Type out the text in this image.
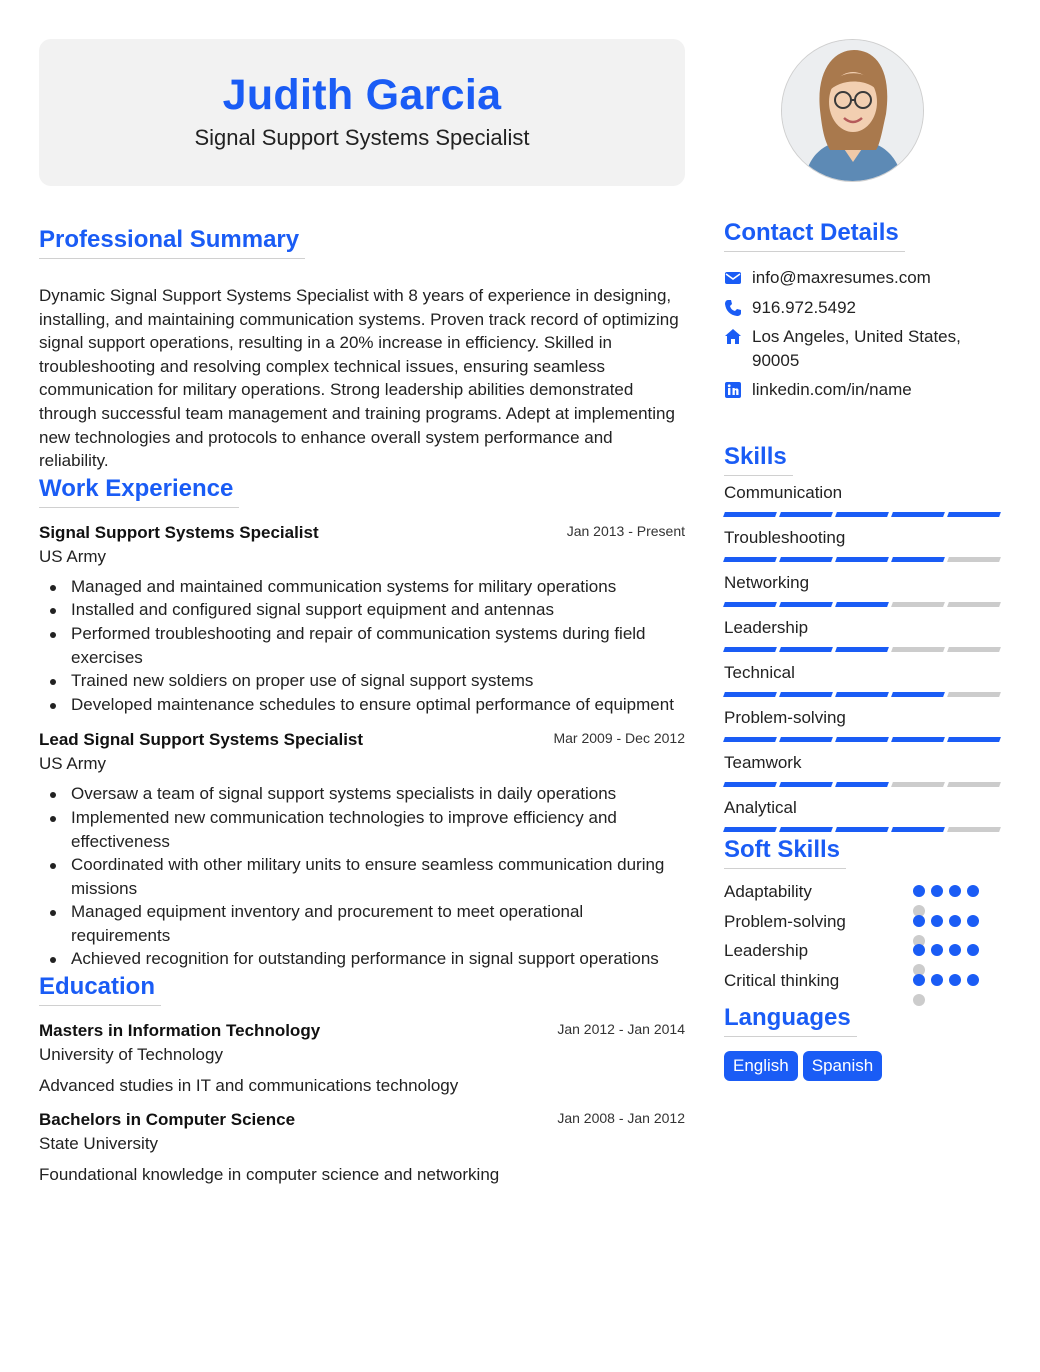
Judith Garcia
Signal Support Systems Specialist
Professional Summary

Dynamic Signal Support Systems Specialist with 8 years of experience in designing, installing, and maintaining communication systems. Proven track record of optimizing signal support operations, resulting in a 20% increase in efficiency. Skilled in troubleshooting and resolving complex technical issues, ensuring seamless communication for military operations. Strong leadership abilities demonstrated through successful team management and training programs. Adept at implementing new technologies and protocols to enhance overall system performance and reliability.

Work Experience
Signal Support Systems Specialist	Jan 2013 - Present
US Army
Managed and maintained communication systems for military operations
Installed and configured signal support equipment and antennas
Performed troubleshooting and repair of communication systems during field exercises
Trained new soldiers on proper use of signal support systems
Developed maintenance schedules to ensure optimal performance of equipment
Lead Signal Support Systems Specialist	Mar 2009 - Dec 2012
US Army
Oversaw a team of signal support systems specialists in daily operations
Implemented new communication technologies to improve efficiency and effectiveness
Coordinated with other military units to ensure seamless communication during missions
Managed equipment inventory and procurement to meet operational requirements
Achieved recognition for outstanding performance in signal support operations
Education
Masters in Information Technology	Jan 2012 - Jan 2014
University of Technology
Advanced studies in IT and communications technology
Bachelors in Computer Science	Jan 2008 - Jan 2012
State University
Foundational knowledge in computer science and networking
Contact Details
info@maxresumes.com
916.972.5492
Los Angeles, United States, 90005
linkedin.com/in/name
Skills
Communication
Troubleshooting
Networking
Leadership
Technical
Problem-solving
Teamwork
Analytical
Soft Skills
Adaptability
Problem-solving
Leadership
Critical thinking
Languages
English Spanish
